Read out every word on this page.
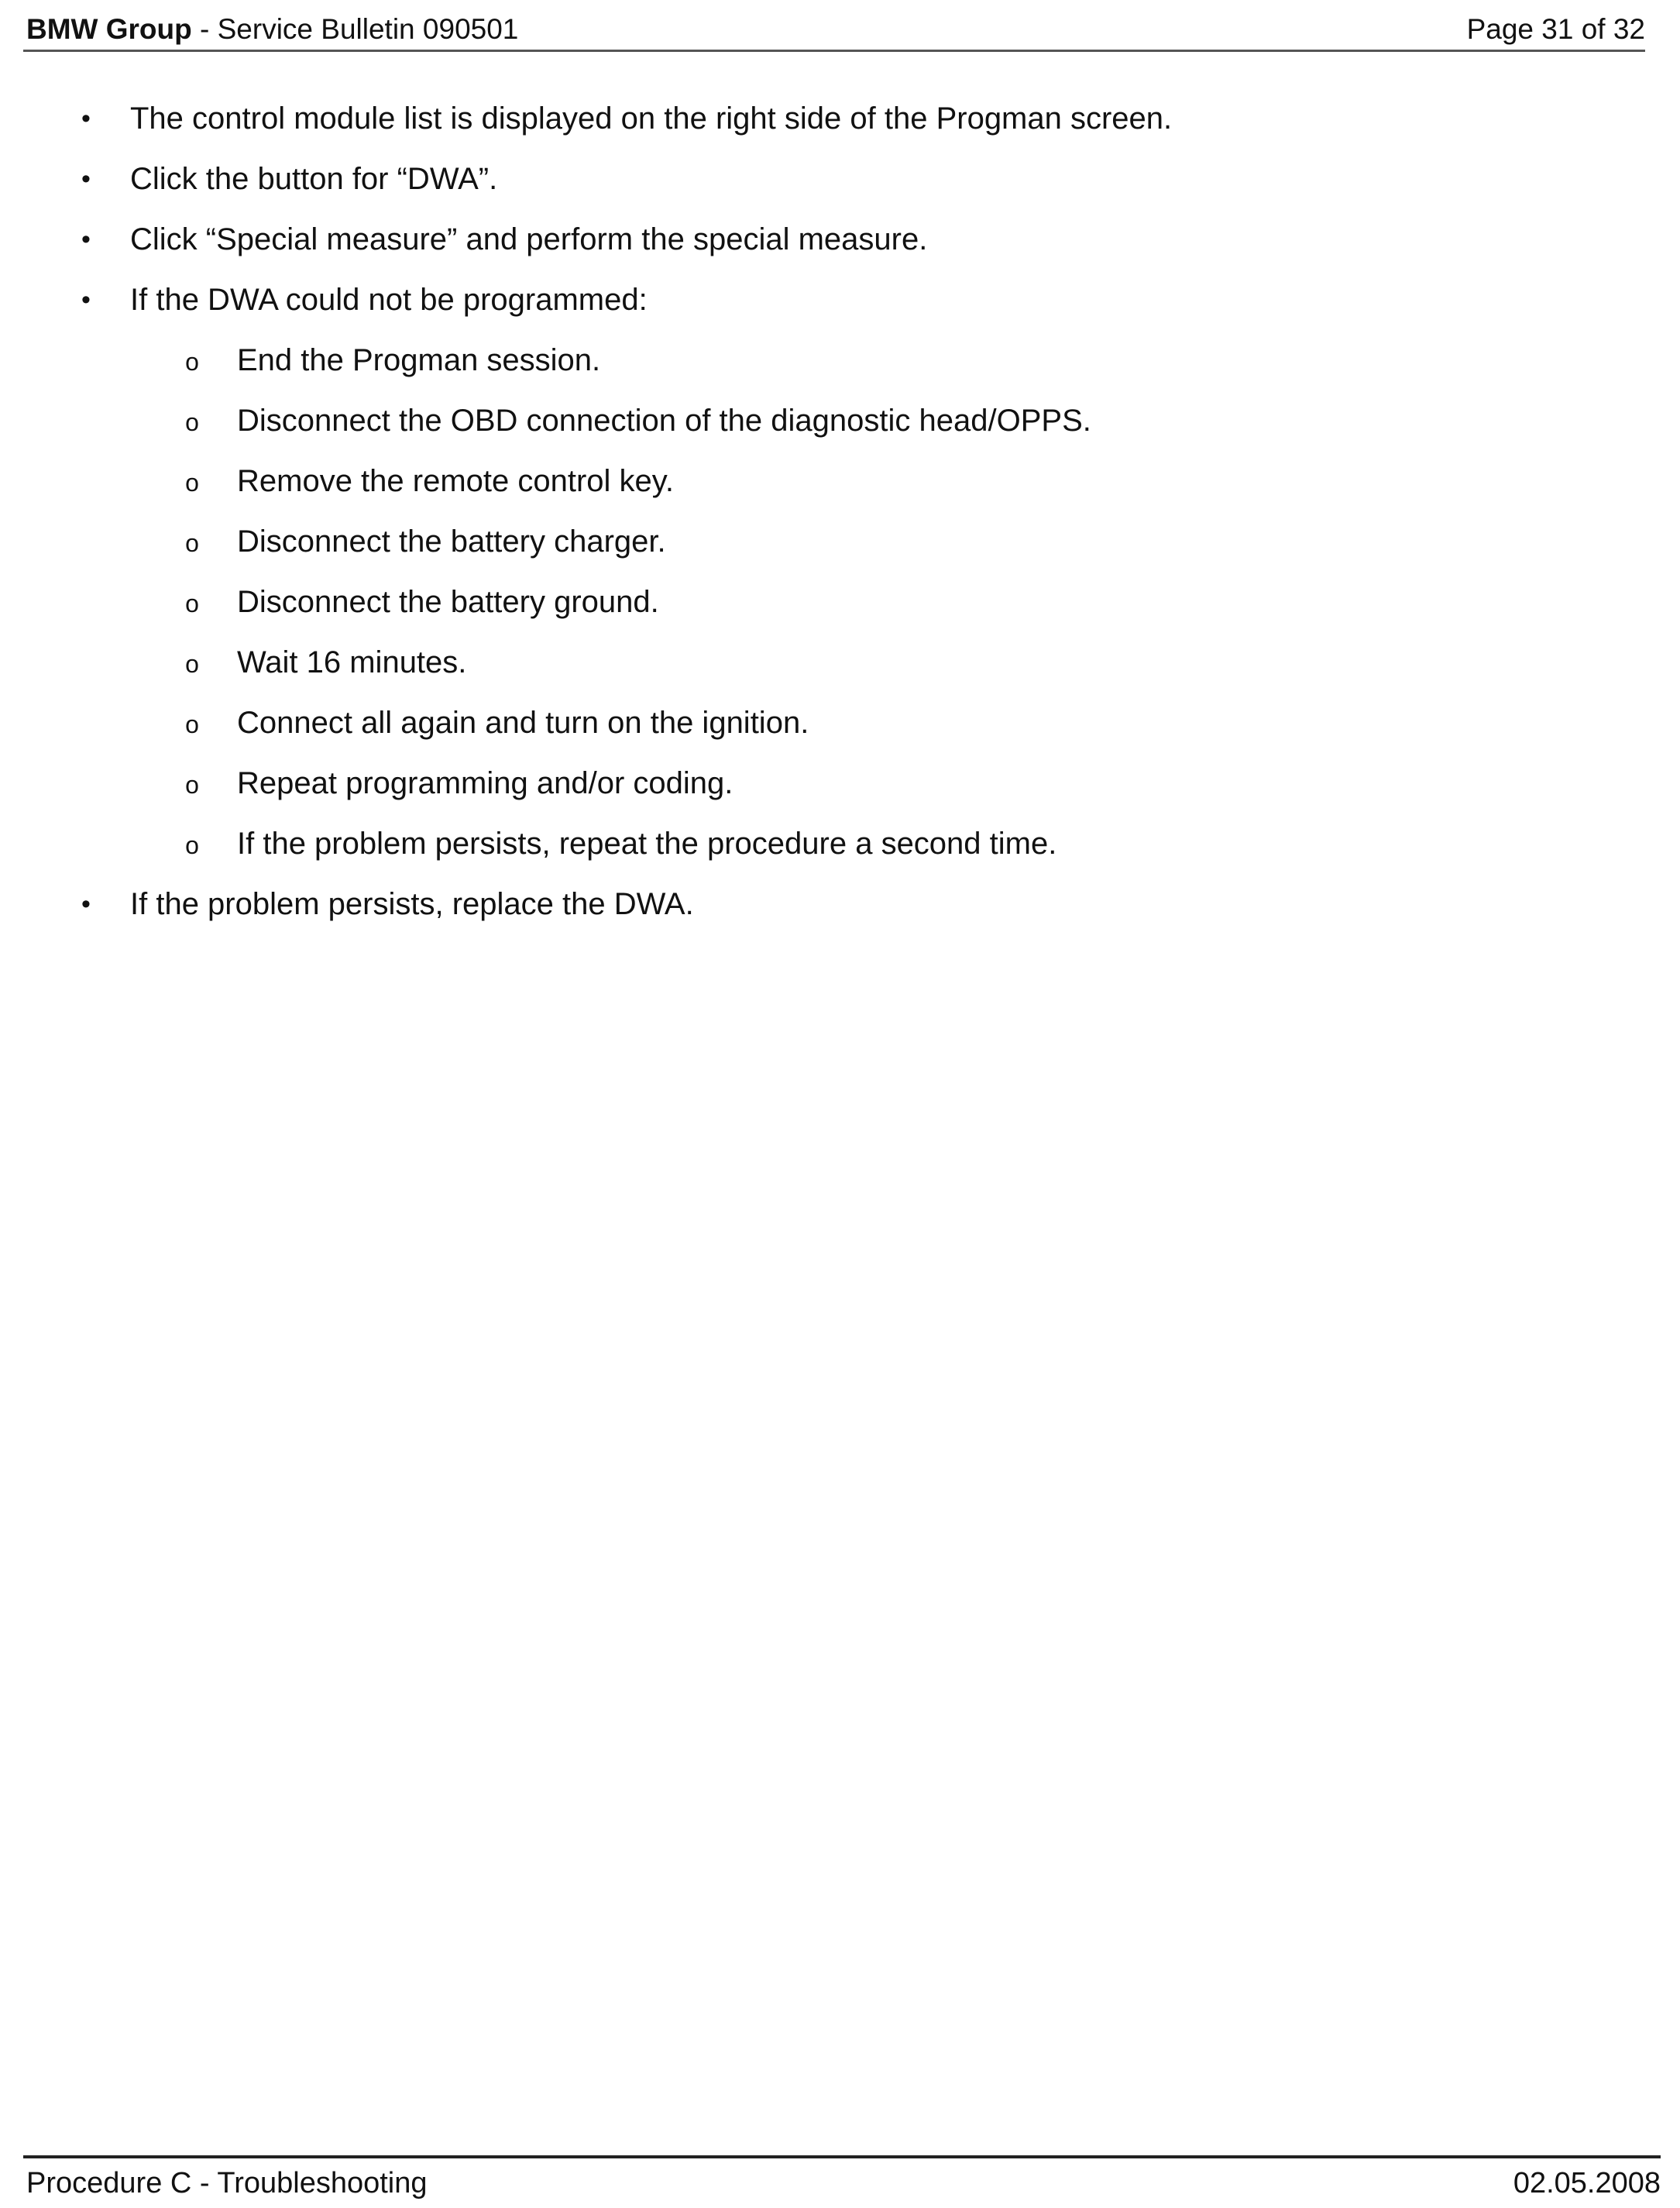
BMW Group - Service Bulletin 090501	Page 31 of 32
• The control module list is displayed on the right side of the Progman screen.
• Click the button for “DWA”.
• Click “Special measure” and perform the special measure.
• If the DWA could not be programmed:
o End the Progman session.
o Disconnect the OBD connection of the diagnostic head/OPPS.
o Remove the remote control key.
o Disconnect the battery charger.
o Disconnect the battery ground.
o Wait 16 minutes.
o Connect all again and turn on the ignition.
o Repeat programming and/or coding.
o If the problem persists, repeat the procedure a second time.
• If the problem persists, replace the DWA.
Procedure C - Troubleshooting	02.05.2008
